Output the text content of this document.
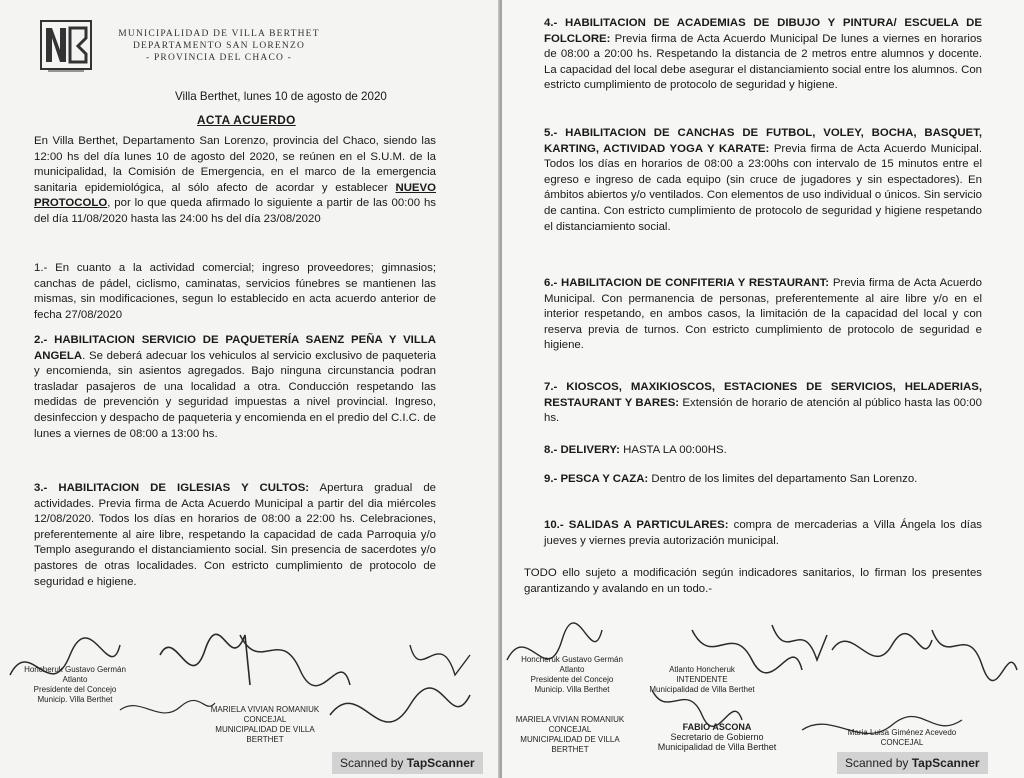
MUNICIPALIDAD DE VILLA BERTHET
DEPARTAMENTO SAN LORENZO
- PROVINCIA DEL CHACO -
Villa Berthet, lunes 10 de agosto de 2020
ACTA ACUERDO

En Villa Berthet, Departamento San Lorenzo, provincia del Chaco, siendo las 12:00 hs del día lunes 10 de agosto del 2020, se reúnen en el S.U.M. de la municipalidad, la Comisión de Emergencia, en el marco de la emergencia sanitaria epidemiológica, al sólo afecto de acordar y establecer NUEVO PROTOCOLO, por lo que queda afirmado lo siguiente a partir de las 00:00 hs del día 11/08/2020 hasta las 24:00 hs del día 23/08/2020

1.- En cuanto a la actividad comercial; ingreso proveedores; gimnasios; canchas de pádel, ciclismo, caminatas, servicios fúnebres se mantienen las mismas, sin modificaciones, segun lo establecido en acta acuerdo anterior de fecha 27/08/2020

2.- HABILITACION SERVICIO DE PAQUETERÍA SAENZ PEÑA Y VILLA ANGELA. Se deberá adecuar los vehiculos al servicio exclusivo de paqueteria y encomienda, sin asientos agregados. Bajo ninguna circunstancia podran trasladar pasajeros de una localidad a otra. Conducción respetando las medidas de prevención y seguridad impuestas a nivel provincial. Ingreso, desinfeccion y despacho de paqueteria y encomienda en el predio del C.I.C. de lunes a viernes de 08:00 a 13:00 hs.

3.- HABILITACION DE IGLESIAS Y CULTOS: Apertura gradual de actividades. Previa firma de Acta Acuerdo Municipal a partir del dia miércoles 12/08/2020. Todos los días en horarios de 08:00 a 22:00 hs. Celebraciones, preferentemente al aire libre, respetando la capacidad de cada Parroquia y/o Templo asegurando el distanciamiento social. Sin presencia de sacerdotes y/o pastores de otras localidades. Con estricto cumplimiento de protocolo de seguridad e higiene.

Honcheruk Gustavo Germán Atlanto
Presidente del Concejo
Municip. Villa Berthet
MARIELA VIVIAN ROMANIUK
CONCEJAL
MUNICIPALIDAD DE VILLA BERTHET

4.- HABILITACION DE ACADEMIAS DE DIBUJO Y PINTURA/ ESCUELA DE FOLCLORE: Previa firma de Acta Acuerdo Municipal De lunes a viernes en horarios de 08:00 a 20:00 hs. Respetando la distancia de 2 metros entre alumnos y docente. La capacidad del local debe asegurar el distanciamiento social entre los alumnos. Con estricto cumplimiento de protocolo de seguridad y higiene.

5.- HABILITACION DE CANCHAS DE FUTBOL, VOLEY, BOCHA, BASQUET, KARTING, ACTIVIDAD YOGA Y KARATE: Previa firma de Acta Acuerdo Municipal. Todos los días en horarios de 08:00 a 23:00hs con intervalo de 15 minutos entre el egreso e ingreso de cada equipo (sin cruce de jugadores y sin espectadores). En ámbitos abiertos y/o ventilados. Con elementos de uso individual o únicos. Sin servicio de cantina. Con estricto cumplimiento de protocolo de seguridad y higiene respetando el distanciamiento social.

6.- HABILITACION DE CONFITERIA Y RESTAURANT: Previa firma de Acta Acuerdo Municipal. Con permanencia de personas, preferentemente al aire libre y/o en el interior respetando, en ambos casos, la limitación de la capacidad del local y con reserva previa de turnos. Con estricto cumplimiento de protocolo de seguridad e higiene.

7.- KIOSCOS, MAXIKIOSCOS, ESTACIONES DE SERVICIOS, HELADERIAS, RESTAURANT Y BARES: Extensión de horario de atención al público hasta las 00:00 hs.

8.- DELIVERY: HASTA LA 00:00HS.

9.- PESCA Y CAZA: Dentro de los limites del departamento San Lorenzo.

10.- SALIDAS A PARTICULARES: compra de mercaderias a Villa Ángela los días jueves y viernes previa autorización municipal.

TODO ello sujeto a modificación según indicadores sanitarios, lo firman los presentes garantizando y avalando en un todo.-

Honcheruk Gustavo Germán Atlanto
Presidente del Concejo
Municip. Villa Berthet
MARIELA VIVIAN ROMANIUK
CONCEJAL
MUNICIPALIDAD DE VILLA BERTHET
Atlanto Honcheruk
INTENDENTE
Municipalidad de Villa Berthet
FABIO ASCONA
Secretario de Gobierno
Municipalidad de Villa Berthet
Maria Luisa Giménez Acevedo
CONCEJAL
Scanned by TapScanner	Scanned by TapScanner
